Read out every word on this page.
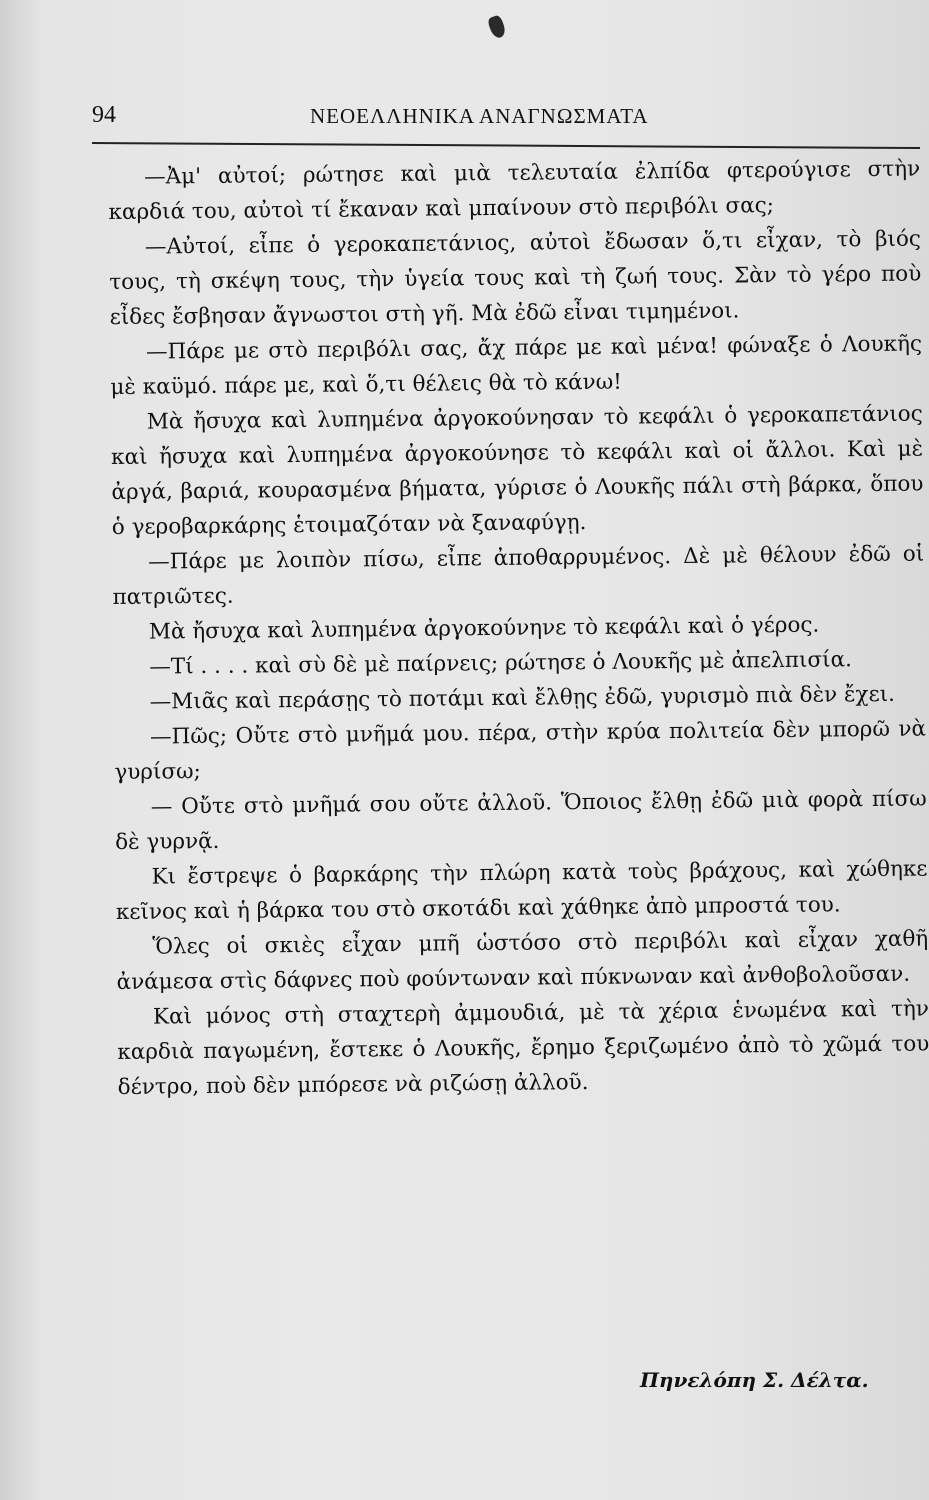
94	ΝΕΟΕΛΛΗΝΙΚΑ ΑΝΑΓΝΩΣΜΑΤΑ

—Ἀμ' αὐτοί; ρώτησε καὶ μιὰ τελευταία ἐλπίδα φτερούγισε στὴν καρδιά του, αὐτοὶ τί ἔκαναν καὶ μπαίνουν στὸ περιβόλι σας;

—Αὐτοί, εἶπε ὁ γεροκαπετάνιος, αὐτοὶ ἔδωσαν ὅ,τι εἶχαν, τὸ βιός τους, τὴ σκέψη τους, τὴν ὑγεία τους καὶ τὴ ζωή τους. Σὰν τὸ γέρο ποὺ εἶδες ἔσβησαν ἄγνωστοι στὴ γῆ. Μὰ ἐδῶ εἶναι τιμημένοι.

—Πάρε με στὸ περιβόλι σας, ἄχ πάρε με καὶ μένα! φώναξε ὁ Λουκῆς μὲ καϋμό. πάρε με, καὶ ὅ,τι θέλεις θὰ τὸ κάνω!

Μὰ ἤσυχα καὶ λυπημένα ἀργοκούνησαν τὸ κεφάλι ὁ γεροκαπετάνιος καὶ ἤσυχα καὶ λυπημένα ἀργοκούνησε τὸ κεφάλι καὶ οἱ ἄλλοι. Καὶ μὲ ἀργά, βαριά, κουρασμένα βήματα, γύρισε ὁ Λουκῆς πάλι στὴ βάρκα, ὅπου ὁ γεροβαρκάρης ἑτοιμαζόταν νὰ ξαναφύγῃ.

—Πάρε με λοιπὸν πίσω, εἶπε ἀποθαρρυμένος. Δὲ μὲ θέλουν ἐδῶ οἱ πατριῶτες.

Μὰ ἤσυχα καὶ λυπημένα ἀργοκούνηνε τὸ κεφάλι καὶ ὁ γέρος.

—Τί . . . . καὶ σὺ δὲ μὲ παίρνεις; ρώτησε ὁ Λουκῆς μὲ ἀπελπισία.

—Μιᾶς καὶ περάσῃς τὸ ποτάμι καὶ ἔλθῃς ἐδῶ, γυρισμὸ πιὰ δὲν ἔχει.

—Πῶς; Οὔτε στὸ μνῆμά μου. πέρα, στὴν κρύα πολιτεία δὲν μπορῶ νὰ γυρίσω;

— Οὔτε στὸ μνῆμά σου οὔτε ἀλλοῦ. Ὅποιος ἔλθῃ ἐδῶ μιὰ φορὰ πίσω δὲ γυρνᾷ.

Κι ἔστρεψε ὁ βαρκάρης τὴν πλώρη κατὰ τοὺς βράχους, καὶ χώθηκε κεῖνος καὶ ἡ βάρκα του στὸ σκοτάδι καὶ χάθηκε ἀπὸ μπροστά του.

Ὅλες οἱ σκιὲς εἶχαν μπῆ ὡστόσο στὸ περιβόλι καὶ εἶχαν χαθῆ ἀνάμεσα στὶς δάφνες ποὺ φούντωναν καὶ πύκνωναν καὶ ἀνθοβολοῦσαν.

Καὶ μόνος στὴ σταχτερὴ ἀμμουδιά, μὲ τὰ χέρια ἑνωμένα καὶ τὴν καρδιὰ παγωμένη, ἔστεκε ὁ Λουκῆς, ἔρημο ξεριζωμένο ἀπὸ τὸ χῶμά του δέντρο, ποὺ δὲν μπόρεσε νὰ ριζώσῃ ἀλλοῦ.

Πηνελόπη Σ. Δέλτα.
